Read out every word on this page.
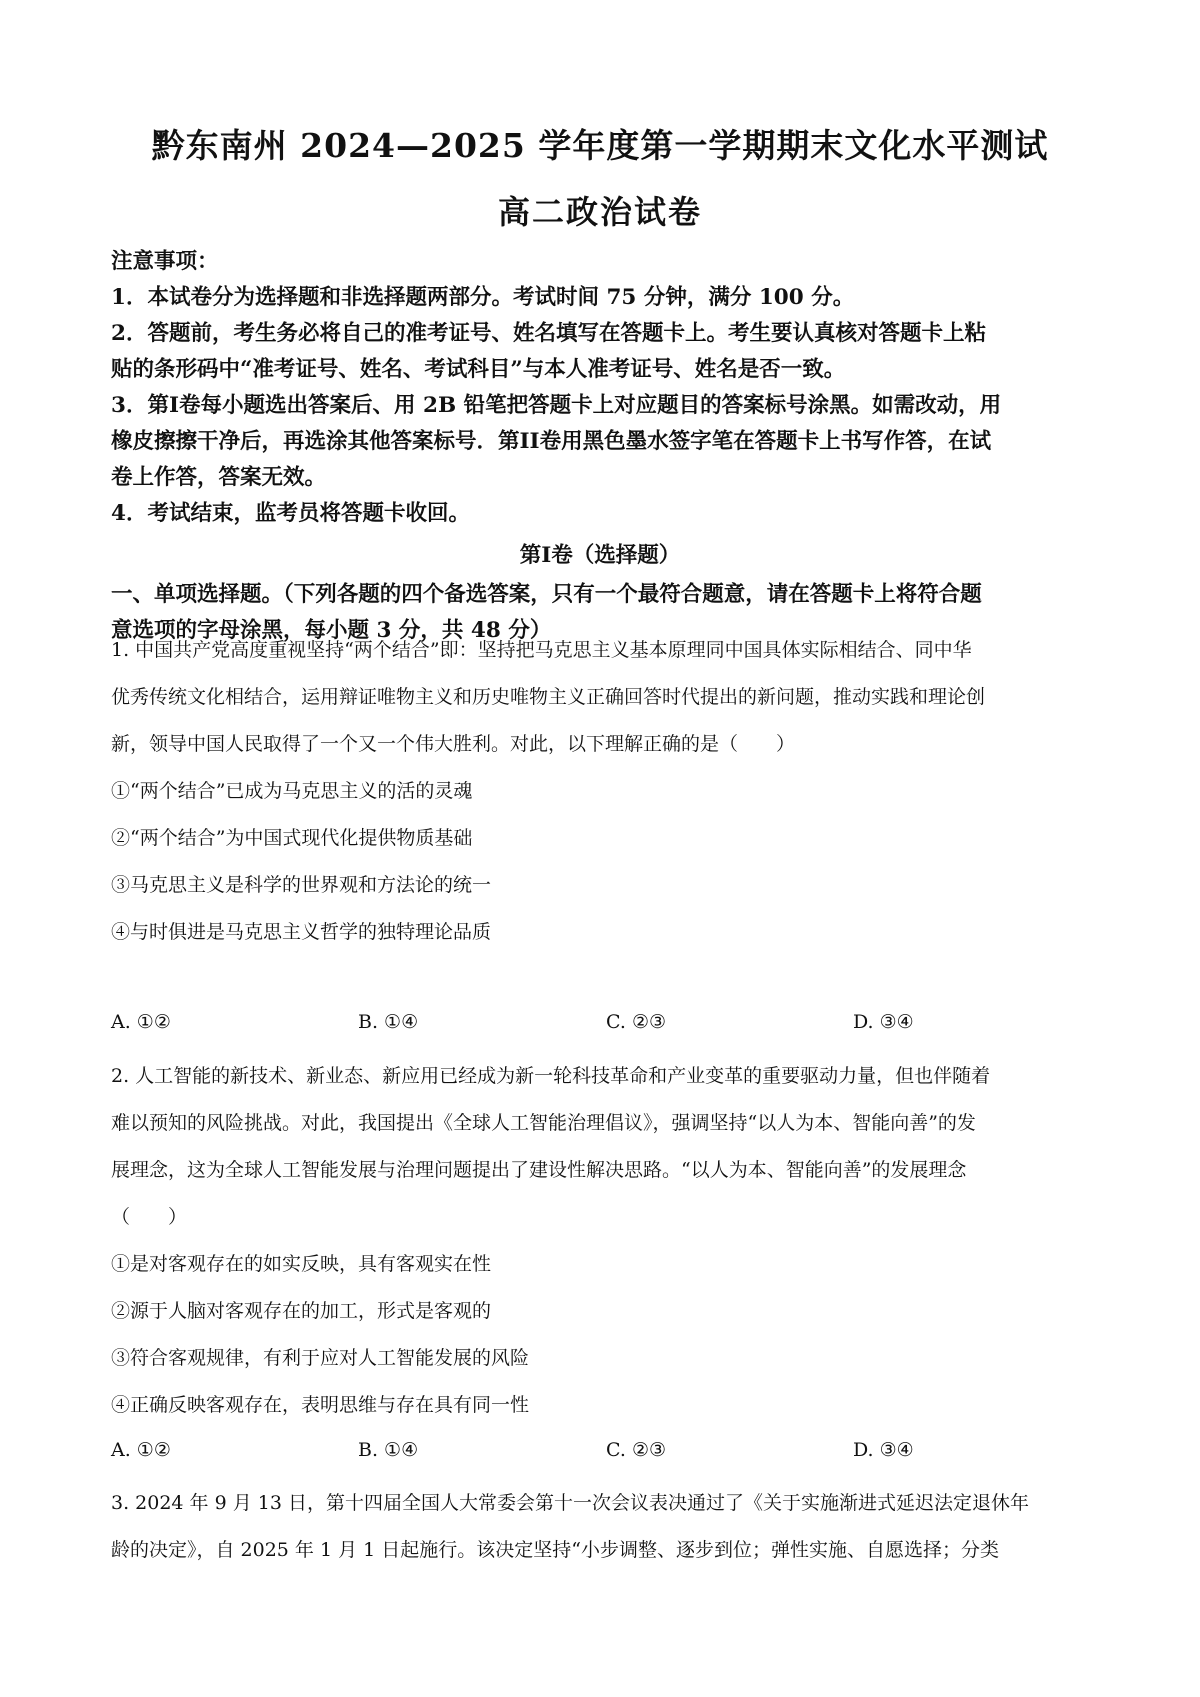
黔东南州 2024—2025 学年度第一学期期末文化水平测试
高二政治试卷
注意事项：
1．本试卷分为选择题和非选择题两部分。考试时间 75 分钟，满分 100 分。
2．答题前，考生务必将自己的准考证号、姓名填写在答题卡上。考生要认真核对答题卡上粘
贴的条形码中“准考证号、姓名、考试科目”与本人准考证号、姓名是否一致。
3．第I卷每小题选出答案后、用 2B 铅笔把答题卡上对应题目的答案标号涂黑。如需改动，用
橡皮擦擦干净后，再选涂其他答案标号．第II卷用黑色墨水签字笔在答题卡上书写作答，在试
卷上作答，答案无效。
4．考试结束，监考员将答题卡收回。
第I卷（选择题）
一、单项选择题。（下列各题的四个备选答案，只有一个最符合题意，请在答题卡上将符合题
意选项的字母涂黑，每小题 3 分，共 48 分）
1. 中国共产党高度重视坚持“两个结合”即：坚持把马克思主义基本原理同中国具体实际相结合、同中华
优秀传统文化相结合，运用辩证唯物主义和历史唯物主义正确回答时代提出的新问题，推动实践和理论创
新，领导中国人民取得了一个又一个伟大胜利。对此，以下理解正确的是（　　）
①“两个结合”已成为马克思主义的活的灵魂
②“两个结合”为中国式现代化提供物质基础
③马克思主义是科学的世界观和方法论的统一
④与时俱进是马克思主义哲学的独特理论品质
A. ①②	B. ①④	C. ②③	D. ③④
2. 人工智能的新技术、新业态、新应用已经成为新一轮科技革命和产业变革的重要驱动力量，但也伴随着
难以预知的风险挑战。对此，我国提出《全球人工智能治理倡议》，强调坚持“以人为本、智能向善”的发
展理念，这为全球人工智能发展与治理问题提出了建设性解决思路。“以人为本、智能向善”的发展理念
（　　）
①是对客观存在的如实反映，具有客观实在性
②源于人脑对客观存在的加工，形式是客观的
③符合客观规律，有利于应对人工智能发展的风险
④正确反映客观存在，表明思维与存在具有同一性
A. ①②	B. ①④	C. ②③	D. ③④
3. 2024 年 9 月 13 日，第十四届全国人大常委会第十一次会议表决通过了《关于实施渐进式延迟法定退休年
龄的决定》，自 2025 年 1 月 1 日起施行。该决定坚持“小步调整、逐步到位；弹性实施、自愿选择；分类
